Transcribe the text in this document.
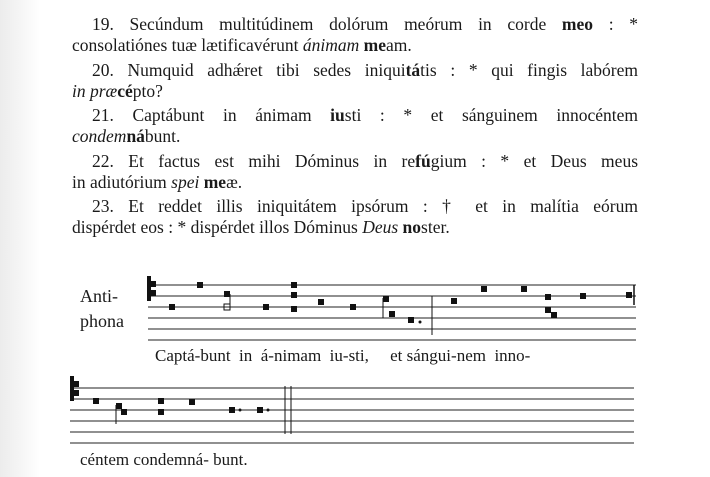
19. Secúndum multitúdinem dolórum meórum in corde meo : *
consolatiónes tuæ lætificavérunt ánimam meam.

20. Numquid adhǽret tibi sedes iniquitátis : * qui fingis labórem
in præcépto?

21. Captábunt in ánimam iusti : * et sánguinem innocéntem
condemnábunt.

22. Et factus est mihi Dóminus in refúgium : * et Deus meus
in adiutórium spei meæ.

23. Et reddet illis iniquitátem ipsórum : † et in malítia eórum
dispérdet eos : * dispérdet illos Dóminus Deus noster.

Anti-
phona
Captá-bunt  in  á-nimam  iu-sti,     et sángui-nem  inno-
céntem condemná- bunt.
